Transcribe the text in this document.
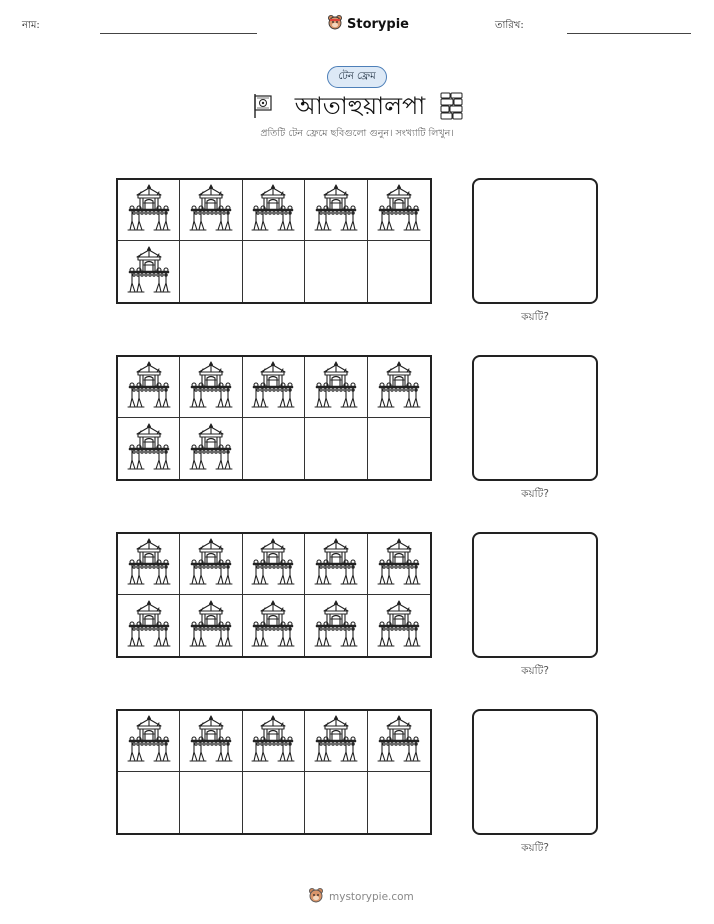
নাম:	Storypie	তারিখ:
টেন ফ্রেম
আতাহুয়ালপা
প্রতিটি টেন ফ্রেমে ছবিগুলো গুনুন। সংখ্যাটি লিখুন।
কয়টি?
কয়টি?
কয়টি?
কয়টি?
mystorypie.com
